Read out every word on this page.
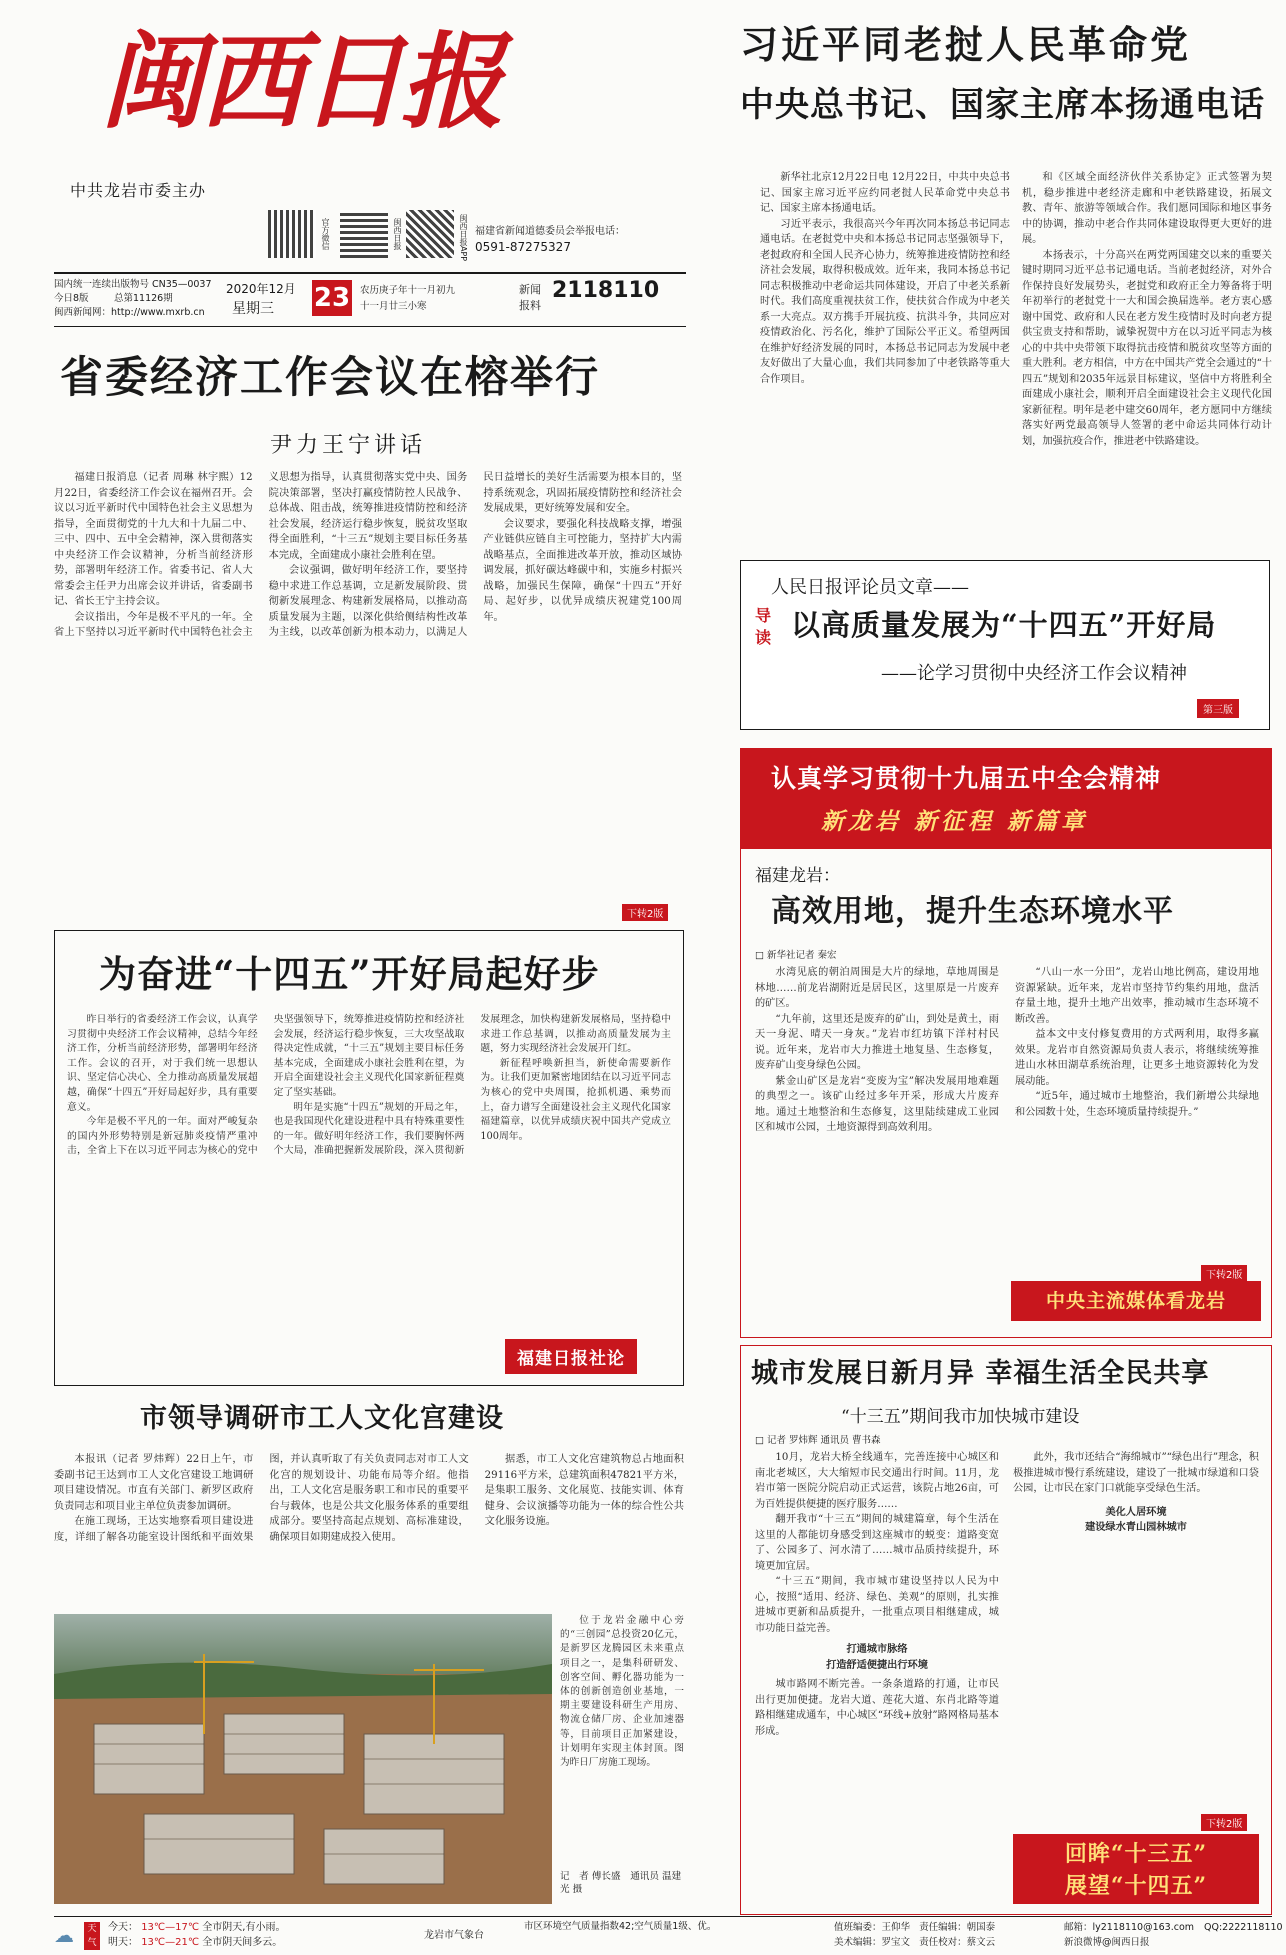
闽西日报
中共龙岩市委主办
官方微信	闽西日报	闽西日报APP 福建省新闻道德委员会举报电话：
0591-87275327
国内统一连续出版物号 CN35—0037
今日8版	总第11126期
闽西新闻网：http://www.mxrb.cn
2020年12月
星期三 23 农历庚子年十一月初九
十一月廿三小寒
新闻报料
2118110
习近平同老挝人民革命党
中央总书记、国家主席本扬通电话

新华社北京12月22日电 12月22日，中共中央总书记、国家主席习近平应约同老挝人民革命党中央总书记、国家主席本扬通电话。

习近平表示，我很高兴今年再次同本扬总书记同志通电话。在老挝党中央和本扬总书记同志坚强领导下，老挝政府和全国人民齐心协力，统筹推进疫情防控和经济社会发展，取得积极成效。近年来，我同本扬总书记同志积极推动中老命运共同体建设，开启了中老关系新时代。我们高度重视扶贫工作，使扶贫合作成为中老关系一大亮点。双方携手开展抗疫、抗洪斗争，共同应对疫情政治化、污名化，维护了国际公平正义。希望两国在维护好经济发展的同时，本扬总书记同志为发展中老友好做出了大量心血，我们共同参加了中老铁路等重大合作项目。

和《区域全面经济伙伴关系协定》正式签署为契机，稳步推进中老经济走廊和中老铁路建设，拓展文教、青年、旅游等领域合作。我们愿同国际和地区事务中的协调，推动中老合作共同体建设取得更大更好的进展。

本扬表示，十分高兴在两党两国建交以来的重要关键时期同习近平总书记通电话。当前老挝经济，对外合作保持良好发展势头，老挝党和政府正全力筹备将于明年初举行的老挝党十一大和国会换届选举。老方衷心感谢中国党、政府和人民在老方发生疫情时及时向老方提供宝贵支持和帮助，诚挚祝贺中方在以习近平同志为核心的中共中央带领下取得抗击疫情和脱贫攻坚等方面的重大胜利。老方相信，中方在中国共产党全会通过的“十四五”规划和2035年远景目标建议，坚信中方将胜利全面建成小康社会，顺利开启全面建设社会主义现代化国家新征程。明年是老中建交60周年，老方愿同中方继续落实好两党最高领导人签署的老中命运共同体行动计划，加强抗疫合作，推进老中铁路建设。

人民日报评论员文章——
导读 以高质量发展为“十四五”开好局
——论学习贯彻中央经济工作会议精神
第三版
省委经济工作会议在榕举行
尹力王宁讲话

福建日报消息（记者 周琳 林宇熙）12月22日，省委经济工作会议在福州召开。会议以习近平新时代中国特色社会主义思想为指导，全面贯彻党的十九大和十九届二中、三中、四中、五中全会精神，深入贯彻落实中央经济工作会议精神，分析当前经济形势，部署明年经济工作。省委书记、省人大常委会主任尹力出席会议并讲话，省委副书记、省长王宁主持会议。

会议指出，今年是极不平凡的一年。全省上下坚持以习近平新时代中国特色社会主义思想为指导，认真贯彻落实党中央、国务院决策部署，坚决打赢疫情防控人民战争、总体战、阻击战，统筹推进疫情防控和经济社会发展，经济运行稳步恢复，脱贫攻坚取得全面胜利，“十三五”规划主要目标任务基本完成，全面建成小康社会胜利在望。

会议强调，做好明年经济工作，要坚持稳中求进工作总基调，立足新发展阶段、贯彻新发展理念、构建新发展格局，以推动高质量发展为主题，以深化供给侧结构性改革为主线，以改革创新为根本动力，以满足人民日益增长的美好生活需要为根本目的，坚持系统观念，巩固拓展疫情防控和经济社会发展成果，更好统筹发展和安全。

会议要求，要强化科技战略支撑，增强产业链供应链自主可控能力，坚持扩大内需战略基点，全面推进改革开放，推动区域协调发展，抓好碳达峰碳中和，实施乡村振兴战略，加强民生保障，确保“十四五”开好局、起好步，以优异成绩庆祝建党100周年。

下转2版
为奋进“十四五”开好局起好步

昨日举行的省委经济工作会议，认真学习贯彻中央经济工作会议精神，总结今年经济工作，分析当前经济形势，部署明年经济工作。会议的召开，对于我们统一思想认识、坚定信心决心、全力推动高质量发展超越，确保“十四五”开好局起好步，具有重要意义。

今年是极不平凡的一年。面对严峻复杂的国内外形势特别是新冠肺炎疫情严重冲击，全省上下在以习近平同志为核心的党中央坚强领导下，统筹推进疫情防控和经济社会发展，经济运行稳步恢复，三大攻坚战取得决定性成就，“十三五”规划主要目标任务基本完成，全面建成小康社会胜利在望，为开启全面建设社会主义现代化国家新征程奠定了坚实基础。

明年是实施“十四五”规划的开局之年，也是我国现代化建设进程中具有特殊重要性的一年。做好明年经济工作，我们要胸怀两个大局，准确把握新发展阶段，深入贯彻新发展理念，加快构建新发展格局，坚持稳中求进工作总基调，以推动高质量发展为主题，努力实现经济社会发展开门红。

新征程呼唤新担当，新使命需要新作为。让我们更加紧密地团结在以习近平同志为核心的党中央周围，抢抓机遇、乘势而上，奋力谱写全面建设社会主义现代化国家福建篇章，以优异成绩庆祝中国共产党成立100周年。

福建日报社论
市领导调研市工人文化宫建设

本报讯（记者 罗炜辉）22日上午，市委副书记王达到市工人文化宫建设工地调研项目建设情况。市直有关部门、新罗区政府负责同志和项目业主单位负责参加调研。

在施工现场，王达实地察看项目建设进度，详细了解各功能室设计图纸和平面效果图，并认真听取了有关负责同志对市工人文化宫的规划设计、功能布局等介绍。他指出，工人文化宫是服务职工和市民的重要平台与载体，也是公共文化服务体系的重要组成部分。要坚持高起点规划、高标准建设，确保项目如期建成投入使用。

据悉，市工人文化宫建筑物总占地面积29116平方米，总建筑面积47821平方米，是集职工服务、文化展览、技能实训、体育健身、会议演播等功能为一体的综合性公共文化服务设施。

位于龙岩金融中心旁的“三创园”总投资20亿元，是新罗区龙腾园区未来重点项目之一，是集科研研发、创客空间、孵化器功能为一体的创新创造创业基地，一期主要建设科研生产用房、物流仓储厂房、企业加速器等，目前项目正加紧建设，计划明年实现主体封顶。图为昨日厂房施工现场。

记　者 傅长盛　通讯员 温建光 摄
认真学习贯彻十九届五中全会精神
新龙岩 新征程 新篇章
福建龙岩：
高效用地，提升生态环境水平
□ 新华社记者 秦宏

水湾见底的朝泊周围是大片的绿地，草地周围是林地……前龙岩湖附近是居民区，这里原是一片废弃的矿区。

“九年前，这里还是废弃的矿山，到处是黄土，雨天一身泥、晴天一身灰。”龙岩市红坊镇下洋村村民说。近年来，龙岩市大力推进土地复垦、生态修复，废弃矿山变身绿色公园。

紫金山矿区是龙岩“变废为宝”解决发展用地难题的典型之一。该矿山经过多年开采，形成大片废弃地。通过土地整治和生态修复，这里陆续建成工业园区和城市公园，土地资源得到高效利用。

“八山一水一分田”，龙岩山地比例高，建设用地资源紧缺。近年来，龙岩市坚持节约集约用地，盘活存量土地，提升土地产出效率，推动城市生态环境不断改善。

益本文中支付修复费用的方式两利用，取得多赢效果。龙岩市自然资源局负责人表示，将继续统筹推进山水林田湖草系统治理，让更多土地资源转化为发展动能。

“近5年，通过城市土地整治，我们新增公共绿地和公园数十处，生态环境质量持续提升。”

下转2版
中央主流媒体看龙岩
城市发展日新月异 幸福生活全民共享
“十三五”期间我市加快城市建设
□ 记者 罗炜辉 通讯员 曹书森

10月，龙岩大桥全线通车，完善连接中心城区和南北老城区，大大缩短市民交通出行时间。11月，龙岩市第一医院分院启动正式运营，该院占地26亩，可为百姓提供便捷的医疗服务……

翻开我市“十三五”期间的城建篇章，每个生活在这里的人都能切身感受到这座城市的蜕变：道路变宽了、公园多了、河水清了……城市品质持续提升，环境更加宜居。

“十三五”期间，我市城市建设坚持以人民为中心，按照“适用、经济、绿色、美观”的原则，扎实推进城市更新和品质提升，一批重点项目相继建成，城市功能日益完善。

打通城市脉络

打造舒适便捷出行环境

城市路网不断完善。一条条道路的打通，让市民出行更加便捷。龙岩大道、莲花大道、东肖北路等道路相继建成通车，中心城区“环线+放射”路网格局基本形成。

此外，我市还结合“海绵城市”“绿色出行”理念，积极推进城市慢行系统建设，建设了一批城市绿道和口袋公园，让市民在家门口就能享受绿色生活。

美化人居环境

建设绿水青山园林城市

下转2版
回眸“十三五”
展望“十四五”
☁	天气
今天： 13℃—17℃ 全市阴天,有小雨。
明天： 13℃—21℃ 全市阴天间多云。
龙岩市气象台
市区环境空气质量指数42;空气质量1级、优。	值班编委：王仰华 责任编辑：朝国泰
美术编辑：罗宝文 责任校对：蔡文云
邮箱：ly2118110@163.com QQ:2222118110
新浪微博@闽西日报
